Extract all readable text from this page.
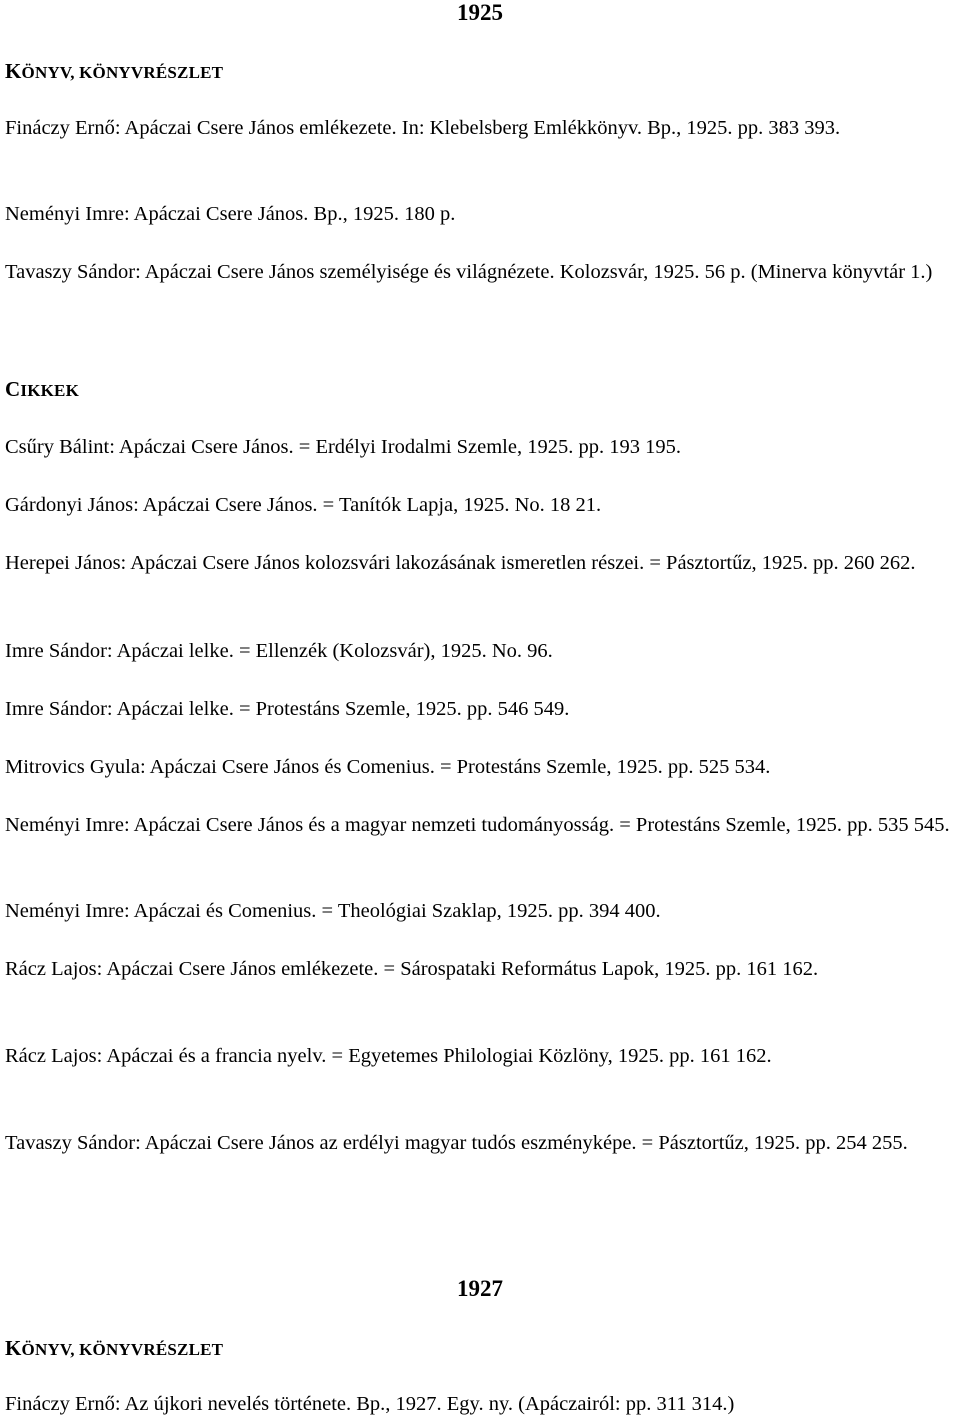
1925
KÖNYV, KÖNYVRÉSZLET
Fináczy Ernő: Apáczai Csere János emlékezete. In: Klebelsberg Emlékkönyv. Bp., 1925. pp. 383 393.
Neményi Imre: Apáczai Csere János. Bp., 1925. 180 p.
Tavaszy Sándor: Apáczai Csere János személyisége és világnézete. Kolozsvár, 1925. 56 p. (Minerva könyvtár 1.)
CIKKEK
Csűry Bálint: Apáczai Csere János. = Erdélyi Irodalmi Szemle, 1925. pp. 193 195.
Gárdonyi János: Apáczai Csere János. = Tanítók Lapja, 1925. No. 18 21.
Herepei János: Apáczai Csere János kolozsvári lakozásának ismeretlen részei. = Pásztortűz, 1925. pp. 260 262.
Imre Sándor: Apáczai lelke. = Ellenzék (Kolozsvár), 1925. No. 96.
Imre Sándor: Apáczai lelke. = Protestáns Szemle, 1925. pp. 546 549.
Mitrovics Gyula: Apáczai Csere János és Comenius. = Protestáns Szemle, 1925. pp. 525 534.
Neményi Imre: Apáczai Csere János és a magyar nemzeti tudományosság. = Protestáns Szemle, 1925. pp. 535 545.
Neményi Imre: Apáczai és Comenius. = Theológiai Szaklap, 1925. pp. 394 400.
Rácz Lajos: Apáczai Csere János emlékezete. = Sárospataki Református Lapok, 1925. pp. 161 162.
Rácz Lajos: Apáczai és a francia nyelv. = Egyetemes Philologiai Közlöny, 1925. pp. 161 162.
Tavaszy Sándor: Apáczai Csere János az erdélyi magyar tudós eszményképe. = Pásztortűz, 1925. pp. 254 255.
1927
KÖNYV, KÖNYVRÉSZLET
Fináczy Ernő: Az újkori nevelés története. Bp., 1927. Egy. ny. (Apáczairól: pp. 311 314.)
